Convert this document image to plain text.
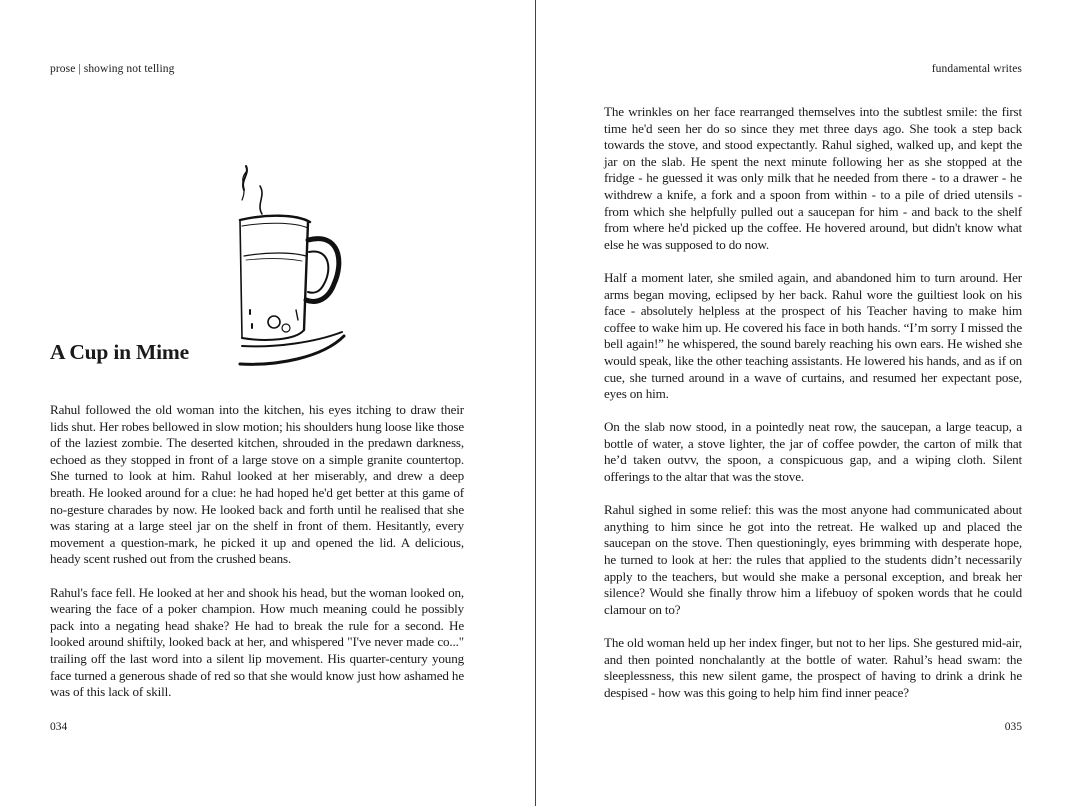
prose | showing not telling
A Cup in Mime

Rahul followed the old woman into the kitchen, his eyes itching to draw their lids shut. Her robes bellowed in slow motion; his shoulders hung loose like those of the laziest zombie. The deserted kitchen, shrouded in the predawn darkness, echoed as they stopped in front of a large stove on a simple granite countertop. She turned to look at him. Rahul looked at her miserably, and drew a deep breath. He looked around for a clue: he had hoped he'd get better at this game of no-gesture charades by now. He looked back and forth until he realised that she was staring at a large steel jar on the shelf in front of them. Hesitantly, every movement a question-mark, he picked it up and opened the lid. A delicious, heady scent rushed out from the crushed beans.

Rahul's face fell. He looked at her and shook his head, but the woman looked on, wearing the face of a poker champion. How much meaning could he possibly pack into a negating head shake? He had to break the rule for a second. He looked around shiftily, looked back at her, and whispered "I've never made co..." trailing off the last word into a silent lip movement. His quarter-century young face turned a generous shade of red so that she would know just how ashamed he was of this lack of skill.

034
fundamental writes

The wrinkles on her face rearranged themselves into the subtlest smile: the first time he'd seen her do so since they met three days ago. She took a step back towards the stove, and stood expectantly. Rahul sighed, walked up, and kept the jar on the slab. He spent the next minute following her as she stopped at the fridge - he guessed it was only milk that he needed from there - to a drawer - he withdrew a knife, a fork and a spoon from within - to a pile of dried utensils - from which she helpfully pulled out a saucepan for him - and back to the shelf from where he'd picked up the coffee. He hovered around, but didn't know what else he was supposed to do now.

Half a moment later, she smiled again, and abandoned him to turn around. Her arms began moving, eclipsed by her back. Rahul wore the guiltiest look on his face - absolutely helpless at the prospect of his Teacher having to make him coffee to wake him up. He covered his face in both hands. “I’m sorry I missed the bell again!” he whispered, the sound barely reaching his own ears. He wished she would speak, like the other teaching assistants. He lowered his hands, and as if on cue, she turned around in a wave of curtains, and resumed her expectant pose, eyes on him.

On the slab now stood, in a pointedly neat row, the saucepan, a large teacup, a bottle of water, a stove lighter, the jar of coffee powder, the carton of milk that he’d taken outvv, the spoon, a conspicuous gap, and a wiping cloth. Silent offerings to the altar that was the stove.

Rahul sighed in some relief: this was the most anyone had communicated about anything to him since he got into the retreat. He walked up and placed the saucepan on the stove. Then questioningly, eyes brimming with desperate hope, he turned to look at her: the rules that applied to the students didn’t necessarily apply to the teachers, but would she make a personal exception, and break her silence? Would she finally throw him a lifebuoy of spoken words that he could clamour on to?

The old woman held up her index finger, but not to her lips. She gestured mid-air, and then pointed nonchalantly at the bottle of water. Rahul’s head swam: the sleeplessness, this new silent game, the prospect of having to drink a drink he despised - how was this going to help him find inner peace?

035
